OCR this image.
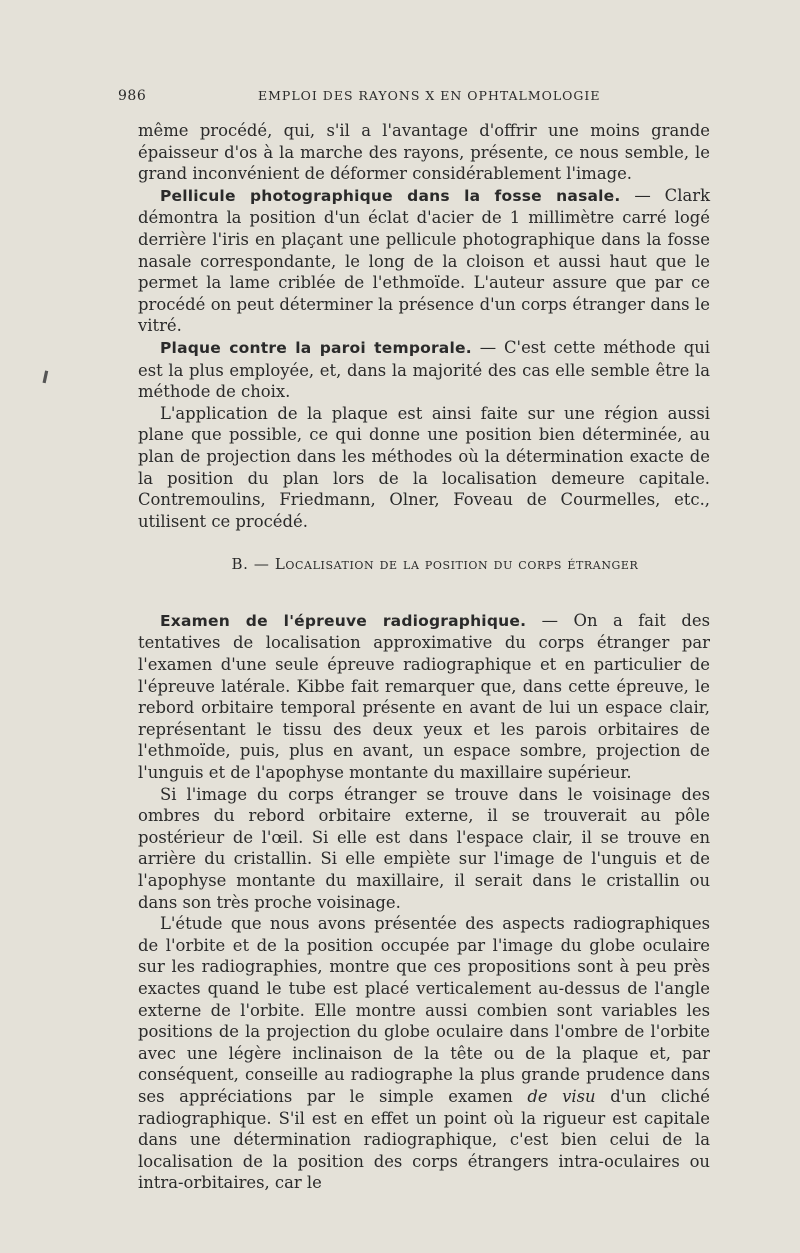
986	EMPLOI DES RAYONS X EN OPHTALMOLOGIE
I

même procédé, qui, s'il a l'avantage d'offrir une moins grande épaisseur d'os à la marche des rayons, présente, ce nous semble, le grand inconvénient de déformer considérablement l'image.

Pellicule photographique dans la fosse nasale. — Clark démontra la position d'un éclat d'acier de 1 millimètre carré logé derrière l'iris en plaçant une pellicule photographique dans la fosse nasale correspondante, le long de la cloison et aussi haut que le permet la lame criblée de l'ethmoïde. L'auteur assure que par ce procédé on peut déterminer la présence d'un corps étranger dans le vitré.

Plaque contre la paroi temporale. — C'est cette méthode qui est la plus employée, et, dans la majorité des cas elle semble être la méthode de choix.

L'application de la plaque est ainsi faite sur une région aussi plane que possible, ce qui donne une position bien déterminée, au plan de projection dans les méthodes où la détermination exacte de la position du plan lors de la localisation demeure capitale. Contremoulins, Friedmann, Olner, Foveau de Courmelles, etc., utilisent ce procédé.

B. — Localisation de la position du corps étranger

Examen de l'épreuve radiographique. — On a fait des tentatives de localisation approximative du corps étranger par l'examen d'une seule épreuve radiographique et en particulier de l'épreuve latérale. Kibbe fait remarquer que, dans cette épreuve, le rebord orbitaire temporal présente en avant de lui un espace clair, représentant le tissu des deux yeux et les parois orbitaires de l'ethmoïde, puis, plus en avant, un espace sombre, projection de l'unguis et de l'apophyse montante du maxillaire supérieur.

Si l'image du corps étranger se trouve dans le voisinage des ombres du rebord orbitaire externe, il se trouverait au pôle postérieur de l'œil. Si elle est dans l'espace clair, il se trouve en arrière du cristallin. Si elle empiète sur l'image de l'unguis et de l'apophyse montante du maxillaire, il serait dans le cristallin ou dans son très proche voisinage.

L'étude que nous avons présentée des aspects radiographiques de l'orbite et de la position occupée par l'image du globe oculaire sur les radiographies, montre que ces propositions sont à peu près exactes quand le tube est placé verticalement au-dessus de l'angle externe de l'orbite. Elle montre aussi combien sont variables les positions de la projection du globe oculaire dans l'ombre de l'orbite avec une légère inclinaison de la tête ou de la plaque et, par conséquent, conseille au radiographe la plus grande prudence dans ses appréciations par le simple examen de visu d'un cliché radiographique. S'il est en effet un point où la rigueur est capitale dans une détermination radiographique, c'est bien celui de la localisation de la position des corps étrangers intra-oculaires ou intra-orbitaires, car le
